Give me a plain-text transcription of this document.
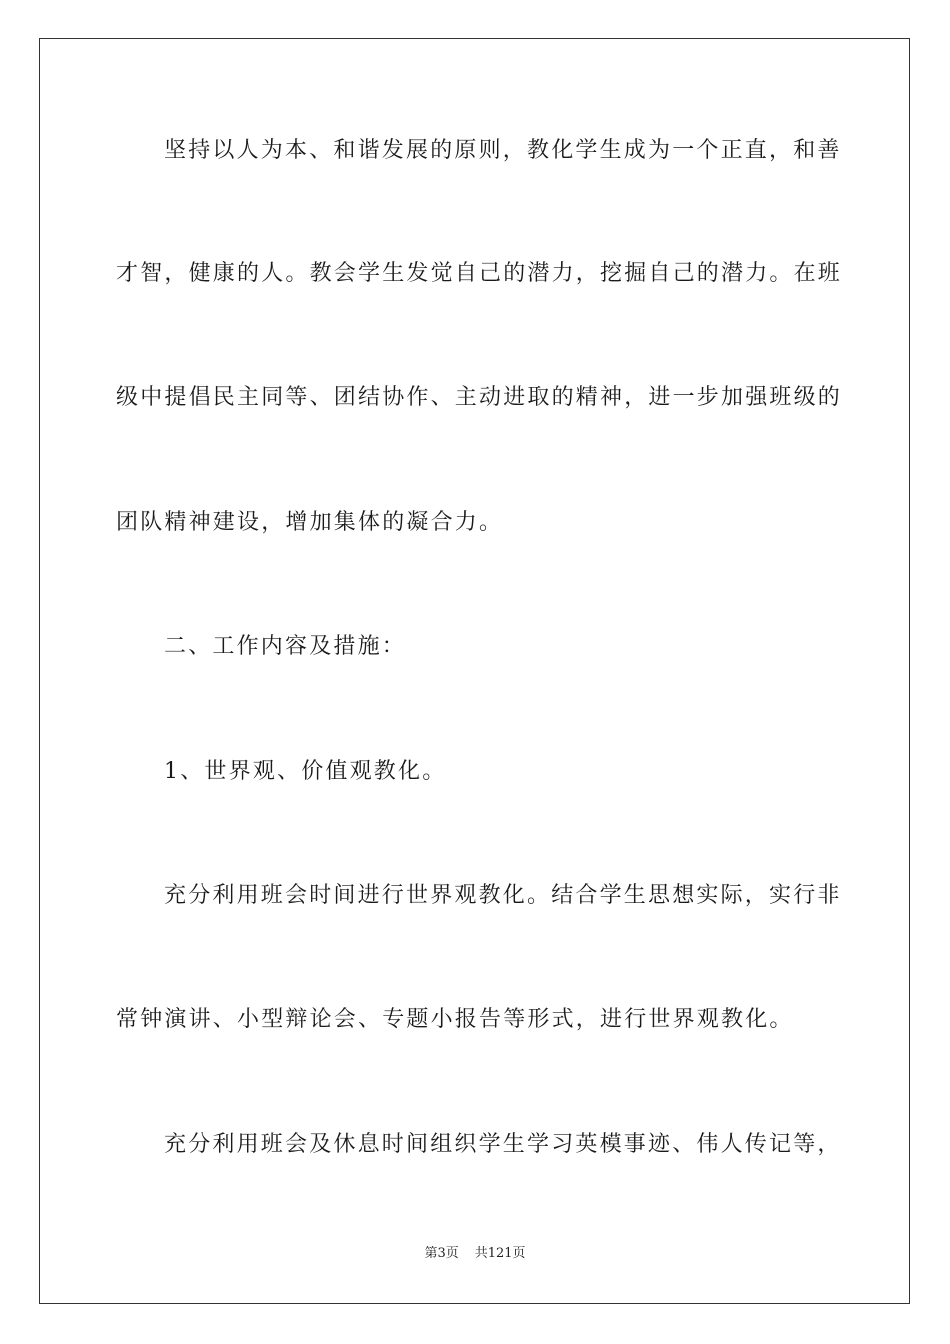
坚持以人为本、和谐发展的原则，教化学生成为一个正直，和善
才智，健康的人。教会学生发觉自己的潜力，挖掘自己的潜力。在班
级中提倡民主同等、团结协作、主动进取的精神，进一步加强班级的
团队精神建设，增加集体的凝合力。
二、工作内容及措施：
1、世界观、价值观教化。
充分利用班会时间进行世界观教化。结合学生思想实际，实行非
常钟演讲、小型辩论会、专题小报告等形式，进行世界观教化。
充分利用班会及休息时间组织学生学习英模事迹、伟人传记等，
第3页 共121页
